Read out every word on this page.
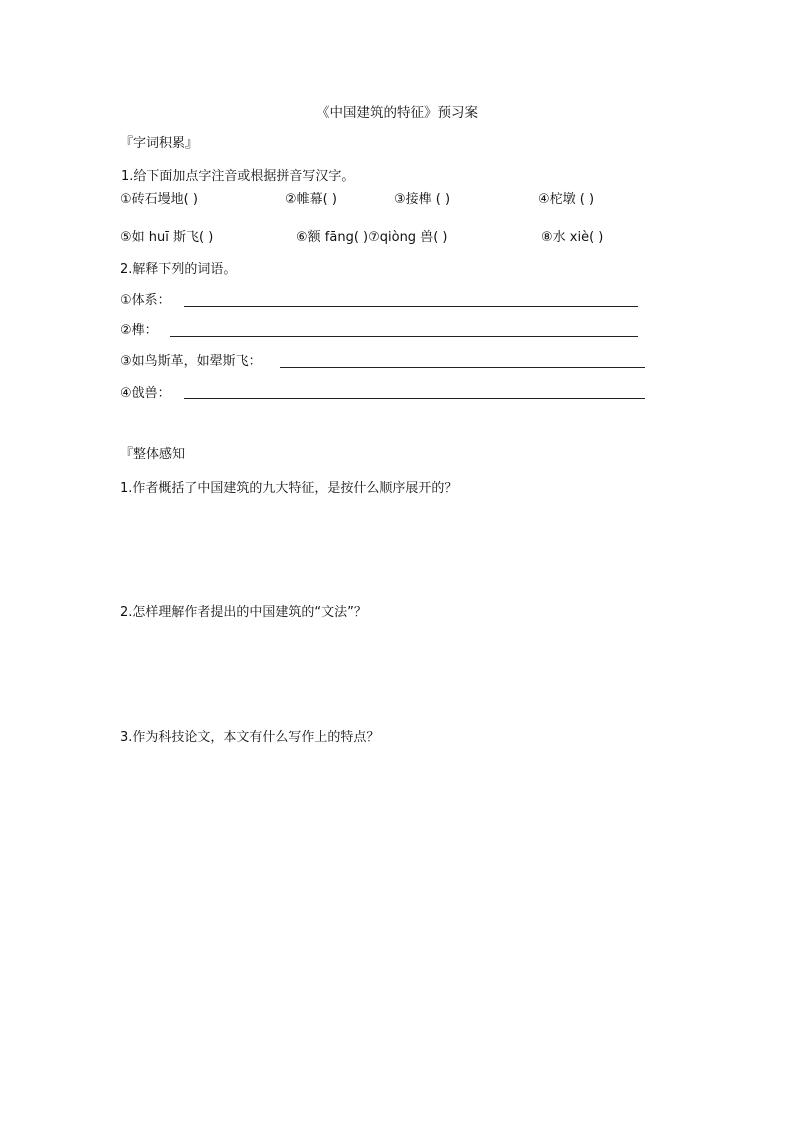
《中国建筑的特征》预习案
『字词积累』
1.给下面加点字注音或根据拼音写汉字。
①砖石墁地( )	②帷幕( )	③接榫 ( )	④柁墩 ( )
⑤如 huī 斯飞( )	⑥额 fāng( )⑦qiòng 兽( )	⑧水 xiè( )
2.解释下列的词语。
①体系：
②榫：
③如鸟斯革，如翚斯飞：
④戗兽：
『整体感知
1.作者概括了中国建筑的九大特征，是按什么顺序展开的？
2.怎样理解作者提出的中国建筑的“文法”？
3.作为科技论文，本文有什么写作上的特点？
